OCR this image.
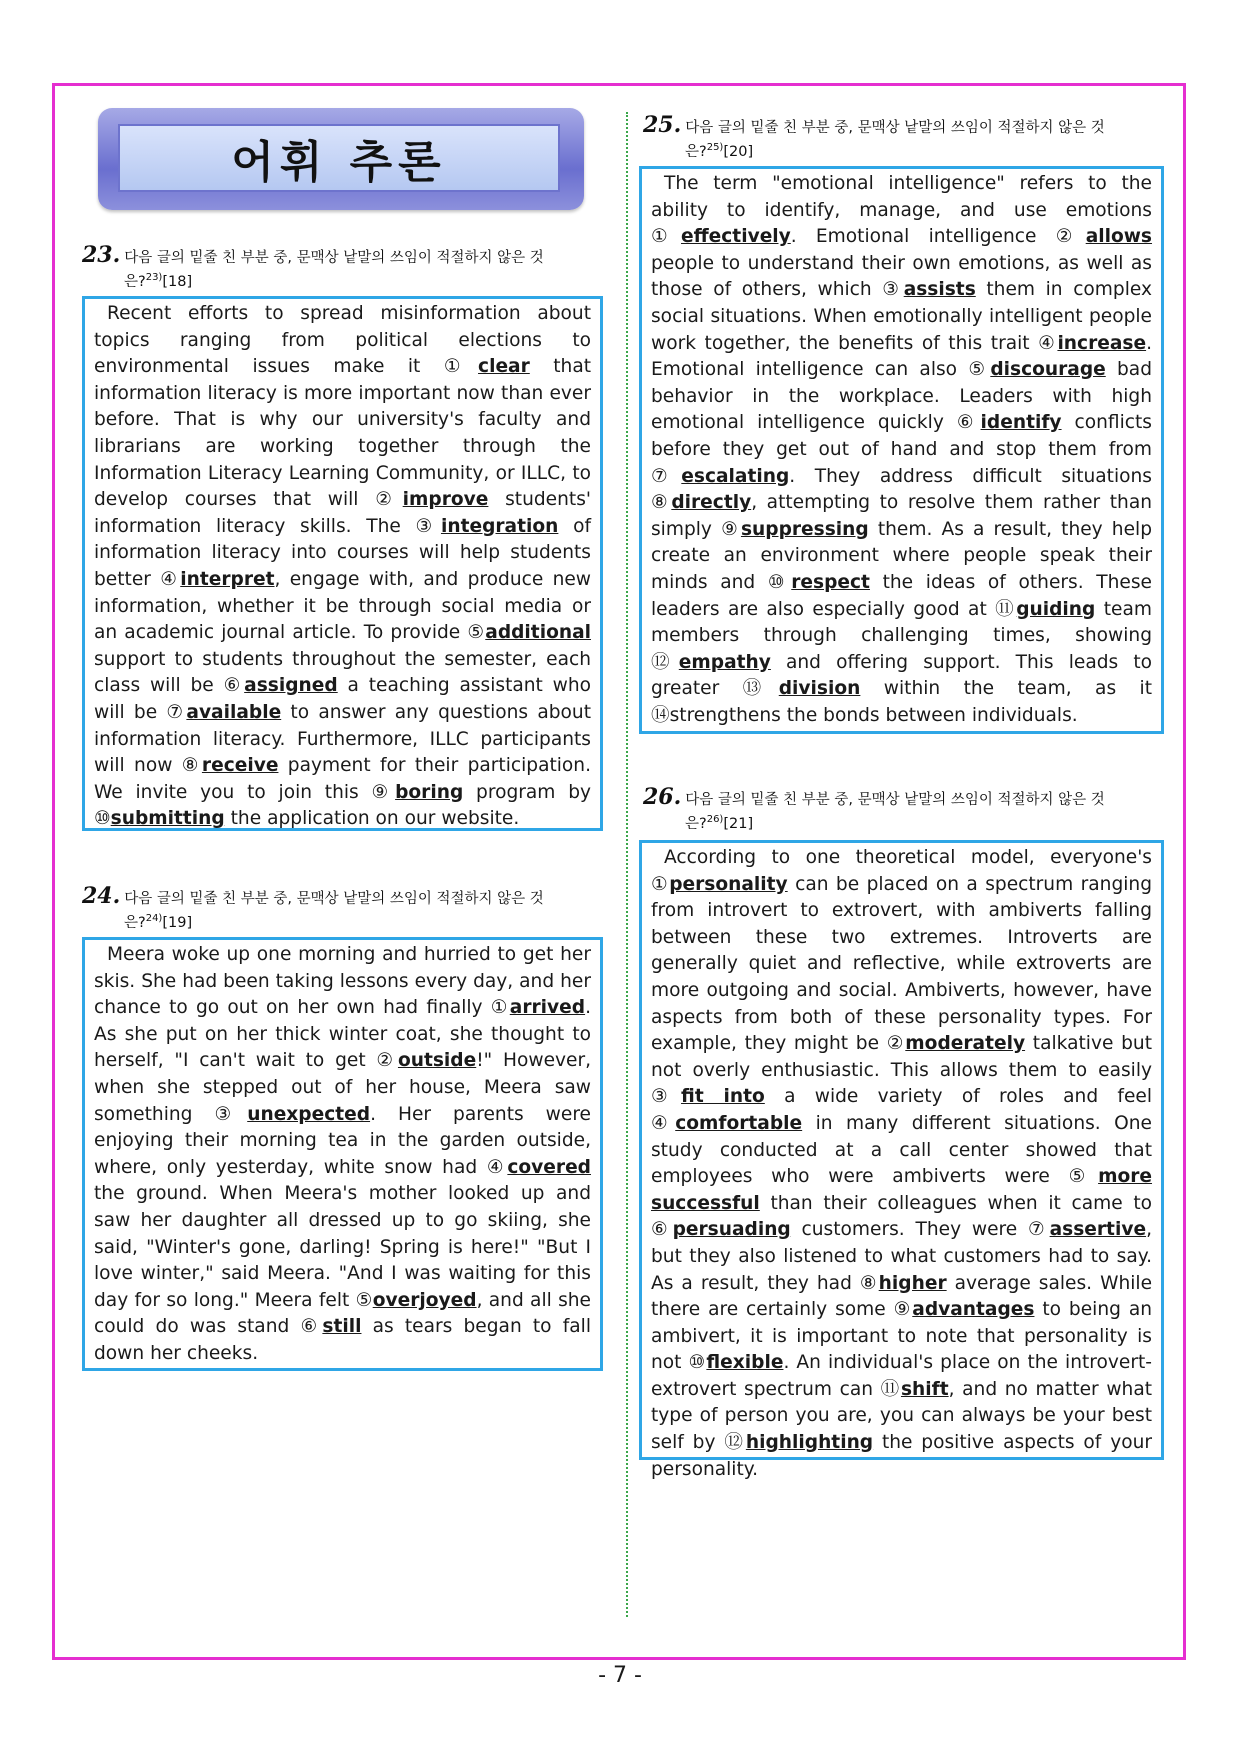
어휘 추론
23. 다음 글의 밑줄 친 부분 중, 문맥상 낱말의 쓰임이 적절하지 않은 것
은?$^{23)}$[18]

Recent efforts to spread misinformation about topics ranging from political elections to environmental issues make it ①clear that information literacy is more important now than ever before. That is why our university's faculty and librarians are working together through the Information Literacy Learning Community, or ILLC, to develop courses that will ②improve students' information literacy skills. The ③integration of information literacy into courses will help students better ④interpret, engage with, and produce new information, whether it be through social media or an academic journal article. To provide ⑤additional support to students throughout the semester, each class will be ⑥assigned a teaching assistant who will be ⑦available to answer any questions about information literacy. Furthermore, ILLC participants will now ⑧receive payment for their participation. We invite you to join this ⑨boring program by ⑩submitting the application on our website.

24. 다음 글의 밑줄 친 부분 중, 문맥상 낱말의 쓰임이 적절하지 않은 것
은?$^{24)}$[19]

Meera woke up one morning and hurried to get her skis. She had been taking lessons every day, and her chance to go out on her own had finally ①arrived. As she put on her thick winter coat, she thought to herself, "I can't wait to get ②outside!" However, when she stepped out of her house, Meera saw something ③unexpected. Her parents were enjoying their morning tea in the garden outside, where, only yesterday, white snow had ④covered the ground. When Meera's mother looked up and saw her daughter all dressed up to go skiing, she said, "Winter's gone, darling! Spring is here!" "But I love winter," said Meera. "And I was waiting for this day for so long." Meera felt ⑤overjoyed, and all she could do was stand ⑥still as tears began to fall down her cheeks.

25. 다음 글의 밑줄 친 부분 중, 문맥상 낱말의 쓰임이 적절하지 않은 것
은?$^{25)}$[20]

The term "emotional intelligence" refers to the ability to identify, manage, and use emotions ①effectively. Emotional intelligence ②allows people to understand their own emotions, as well as those of others, which ③assists them in complex social situations. When emotionally intelligent people work together, the benefits of this trait ④increase. Emotional intelligence can also ⑤discourage bad behavior in the workplace. Leaders with high emotional intelligence quickly ⑥identify conflicts before they get out of hand and stop them from ⑦escalating. They address difficult situations ⑧directly, attempting to resolve them rather than simply ⑨suppressing them. As a result, they help create an environment where people speak their minds and ⑩respect the ideas of others. These leaders are also especially good at ⑪guiding team members through challenging times, showing ⑫empathy and offering support. This leads to greater ⑬division within the team, as it ⑭strengthens the bonds between individuals.

26. 다음 글의 밑줄 친 부분 중, 문맥상 낱말의 쓰임이 적절하지 않은 것
은?$^{26)}$[21]

According to one theoretical model, everyone's ①personality can be placed on a spectrum ranging from introvert to extrovert, with ambiverts falling between these two extremes. Introverts are generally quiet and reflective, while extroverts are more outgoing and social. Ambiverts, however, have aspects from both of these personality types. For example, they might be ②moderately talkative but not overly enthusiastic. This allows them to easily ③fit into a wide variety of roles and feel ④comfortable in many different situations. One study conducted at a call center showed that employees who were ambiverts were ⑤more successful than their colleagues when it came to ⑥persuading customers. They were ⑦assertive, but they also listened to what customers had to say. As a result, they had ⑧higher average sales. While there are certainly some ⑨advantages to being an ambivert, it is important to note that personality is not ⑩flexible. An individual's place on the introvert-extrovert spectrum can ⑪shift, and no matter what type of person you are, you can always be your best self by ⑫highlighting the positive aspects of your personality.

- 7 -
